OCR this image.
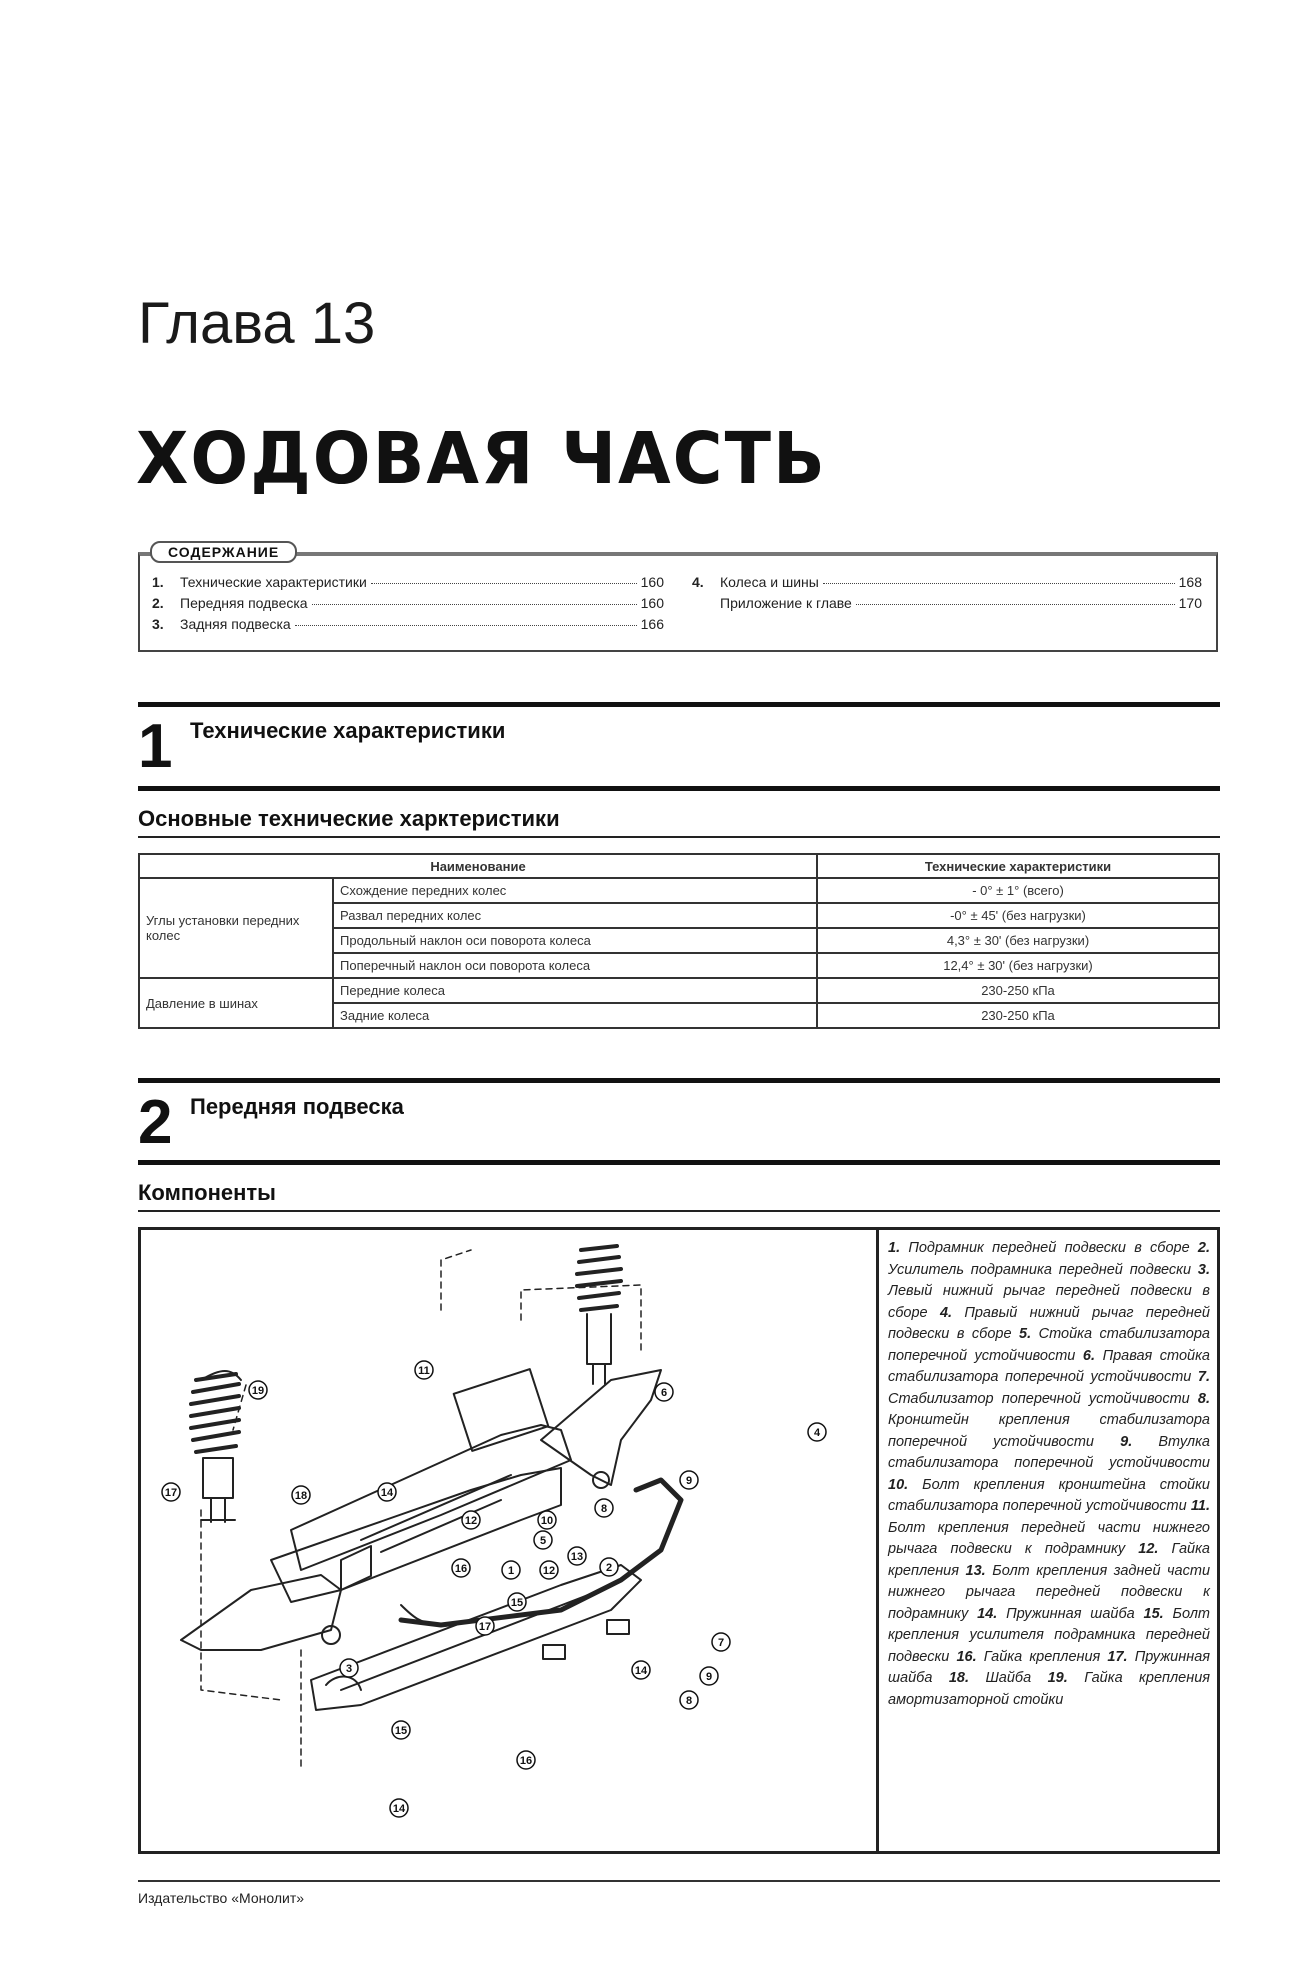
Глава 13
ХОДОВАЯ ЧАСТЬ
1.	Технические характеристики	160
2.	Передняя подвеска	160
3.	Задняя подвеска	166
4.	Колеса и шины	168
Приложение к главе	170
СОДЕРЖАНИЕ
1 Технические характеристики
Основные технические харктеристики
Наименование		Технические характеристики
Углы установки передних колес	Схождение передних колес	- 0° ± 1° (всего)
	Развал передних колес	-0° ± 45' (без нагрузки)
	Продольный наклон оси поворота колеса	4,3° ± 30' (без нагрузки)
	Поперечный наклон оси поворота колеса	12,4° ± 30' (без нагрузки)
Давление в шинах	Передние колеса	230-250 кПа
	Задние колеса	230-250 кПа
2 Передняя подвеска
Компоненты
19
18
17
11
12	10
1
15
12
6
4
9
8
2
5
13
14
3
16
17
14
7
9
8
15
16
14
1. Подрамник передней подвески в сборе 2. Усилитель подрамника передней подвески 3. Левый нижний рычаг передней подвески в сборе 4. Правый нижний рычаг передней подвески в сборе 5. Стойка стабилизатора поперечной устойчивости 6. Правая стойка стабилизатора поперечной устойчивости 7. Стабилизатор поперечной устойчивости 8. Кронштейн крепления стабилизатора поперечной устойчивости 9. Втулка стабилизатора поперечной устойчивости 10. Болт крепления кронштейна стойки стабилизатора поперечной устойчивости 11. Болт крепления передней части нижнего рычага подвески к подрамнику 12. Гайка крепления 13. Болт крепления задней части нижнего рычага передней подвески к подрамнику 14. Пружинная шайба 15. Болт крепления усилителя подрамника передней подвески 16. Гайка крепления 17. Пружинная шайба 18. Шайба 19. Гайка крепления амортизаторной стойки
Издательство «Монолит»
